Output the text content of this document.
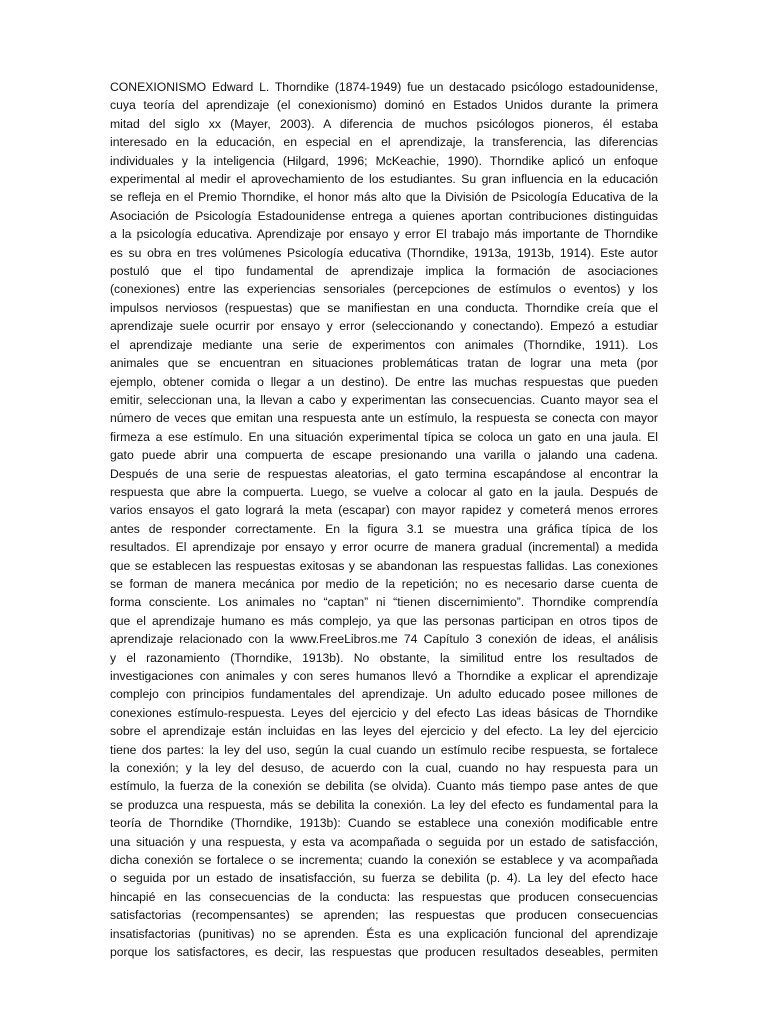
CONEXIONISMO Edward L. Thorndike (1874-1949) fue un destacado psicólogo estadounidense,
cuya teoría del aprendizaje (el conexionismo) dominó en Estados Unidos durante la primera
mitad del siglo xx (Mayer, 2003). A diferencia de muchos psicólogos pioneros, él estaba
interesado en la educación, en especial en el aprendizaje, la transferencia, las diferencias
individuales y la inteligencia (Hilgard, 1996; McKeachie, 1990). Thorndike aplicó un enfoque
experimental al medir el aprovechamiento de los estudiantes. Su gran influencia en la educación
se refleja en el Premio Thorndike, el honor más alto que la División de Psicología Educativa de la
Asociación de Psicología Estadounidense entrega a quienes aportan contribuciones distinguidas
a la psicología educativa. Aprendizaje por ensayo y error El trabajo más importante de Thorndike
es su obra en tres volúmenes Psicología educativa (Thorndike, 1913a, 1913b, 1914). Este autor
postuló que el tipo fundamental de aprendizaje implica la formación de asociaciones
(conexiones) entre las experiencias sensoriales (percepciones de estímulos o eventos) y los
impulsos nerviosos (respuestas) que se manifiestan en una conducta. Thorndike creía que el
aprendizaje suele ocurrir por ensayo y error (seleccionando y conectando). Empezó a estudiar
el aprendizaje mediante una serie de experimentos con animales (Thorndike, 1911). Los
animales que se encuentran en situaciones problemáticas tratan de lograr una meta (por
ejemplo, obtener comida o llegar a un destino). De entre las muchas respuestas que pueden
emitir, seleccionan una, la llevan a cabo y experimentan las consecuencias. Cuanto mayor sea el
número de veces que emitan una respuesta ante un estímulo, la respuesta se conecta con mayor
firmeza a ese estímulo. En una situación experimental típica se coloca un gato en una jaula. El
gato puede abrir una compuerta de escape presionando una varilla o jalando una cadena.
Después de una serie de respuestas aleatorias, el gato termina escapándose al encontrar la
respuesta que abre la compuerta. Luego, se vuelve a colocar al gato en la jaula. Después de
varios ensayos el gato logrará la meta (escapar) con mayor rapidez y cometerá menos errores
antes de responder correctamente. En la figura 3.1 se muestra una gráfica típica de los
resultados. El aprendizaje por ensayo y error ocurre de manera gradual (incremental) a medida
que se establecen las respuestas exitosas y se abandonan las respuestas fallidas. Las conexiones
se forman de manera mecánica por medio de la repetición; no es necesario darse cuenta de
forma consciente. Los animales no “captan” ni “tienen discernimiento”. Thorndike comprendía
que el aprendizaje humano es más complejo, ya que las personas participan en otros tipos de
aprendizaje relacionado con la www.FreeLibros.me 74 Capítulo 3 conexión de ideas, el análisis
y el razonamiento (Thorndike, 1913b). No obstante, la similitud entre los resultados de
investigaciones con animales y con seres humanos llevó a Thorndike a explicar el aprendizaje
complejo con principios fundamentales del aprendizaje. Un adulto educado posee millones de
conexiones estímulo-respuesta. Leyes del ejercicio y del efecto Las ideas básicas de Thorndike
sobre el aprendizaje están incluidas en las leyes del ejercicio y del efecto. La ley del ejercicio
tiene dos partes: la ley del uso, según la cual cuando un estímulo recibe respuesta, se fortalece
la conexión; y la ley del desuso, de acuerdo con la cual, cuando no hay respuesta para un
estímulo, la fuerza de la conexión se debilita (se olvida). Cuanto más tiempo pase antes de que
se produzca una respuesta, más se debilita la conexión. La ley del efecto es fundamental para la
teoría de Thorndike (Thorndike, 1913b): Cuando se establece una conexión modificable entre
una situación y una respuesta, y esta va acompañada o seguida por un estado de satisfacción,
dicha conexión se fortalece o se incrementa; cuando la conexión se establece y va acompañada
o seguida por un estado de insatisfacción, su fuerza se debilita (p. 4). La ley del efecto hace
hincapié en las consecuencias de la conducta: las respuestas que producen consecuencias
satisfactorias (recompensantes) se aprenden; las respuestas que producen consecuencias
insatisfactorias (punitivas) no se aprenden. Ésta es una explicación funcional del aprendizaje
porque los satisfactores, es decir, las respuestas que producen resultados deseables, permiten
